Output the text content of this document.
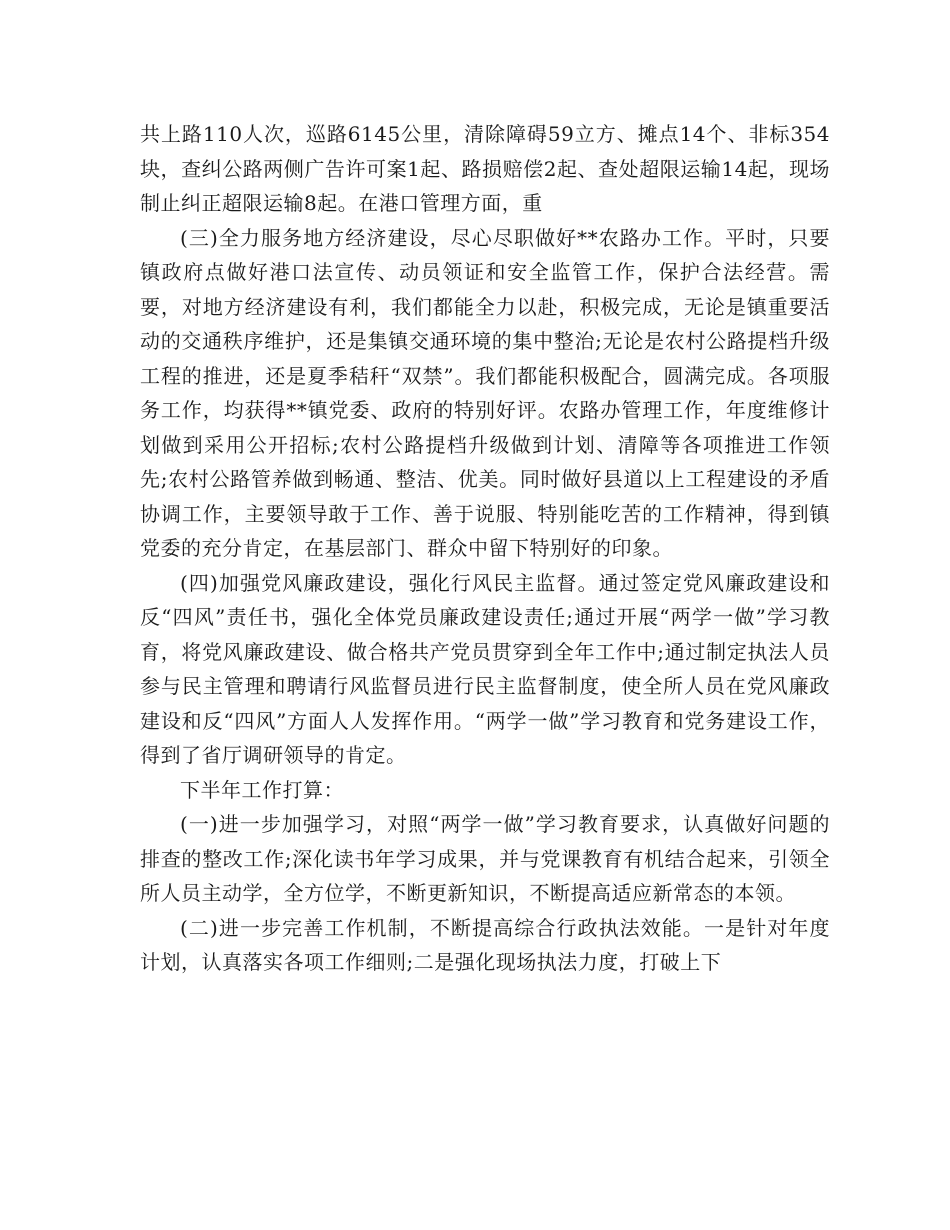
共上路110人次，巡路6145公里，清除障碍59立方、摊点14个、非标354块，查纠公路两侧广告许可案1起、路损赔偿2起、查处超限运输14起，现场制止纠正超限运输8起。在港口管理方面，重

(三)全力服务地方经济建设，尽心尽职做好**农路办工作。平时，只要镇政府点做好港口法宣传、动员领证和安全监管工作，保护合法经营。需要，对地方经济建设有利，我们都能全力以赴，积极完成，无论是镇重要活动的交通秩序维护，还是集镇交通环境的集中整治;无论是农村公路提档升级工程的推进，还是夏季秸秆“双禁”。我们都能积极配合，圆满完成。各项服务工作，均获得**镇党委、政府的特别好评。农路办管理工作，年度维修计划做到采用公开招标;农村公路提档升级做到计划、清障等各项推进工作领先;农村公路管养做到畅通、整洁、优美。同时做好县道以上工程建设的矛盾协调工作，主要领导敢于工作、善于说服、特别能吃苦的工作精神，得到镇党委的充分肯定，在基层部门、群众中留下特别好的印象。

(四)加强党风廉政建设，强化行风民主监督。通过签定党风廉政建设和反“四风”责任书，强化全体党员廉政建设责任;通过开展“两学一做”学习教育，将党风廉政建设、做合格共产党员贯穿到全年工作中;通过制定执法人员参与民主管理和聘请行风监督员进行民主监督制度，使全所人员在党风廉政建设和反“四风”方面人人发挥作用。“两学一做”学习教育和党务建设工作，得到了省厅调研领导的肯定。

下半年工作打算：

(一)进一步加强学习，对照“两学一做”学习教育要求，认真做好问题的排查的整改工作;深化读书年学习成果，并与党课教育有机结合起来，引领全所人员主动学，全方位学，不断更新知识，不断提高适应新常态的本领。

(二)进一步完善工作机制，不断提高综合行政执法效能。一是针对年度计划，认真落实各项工作细则;二是强化现场执法力度，打破上下
